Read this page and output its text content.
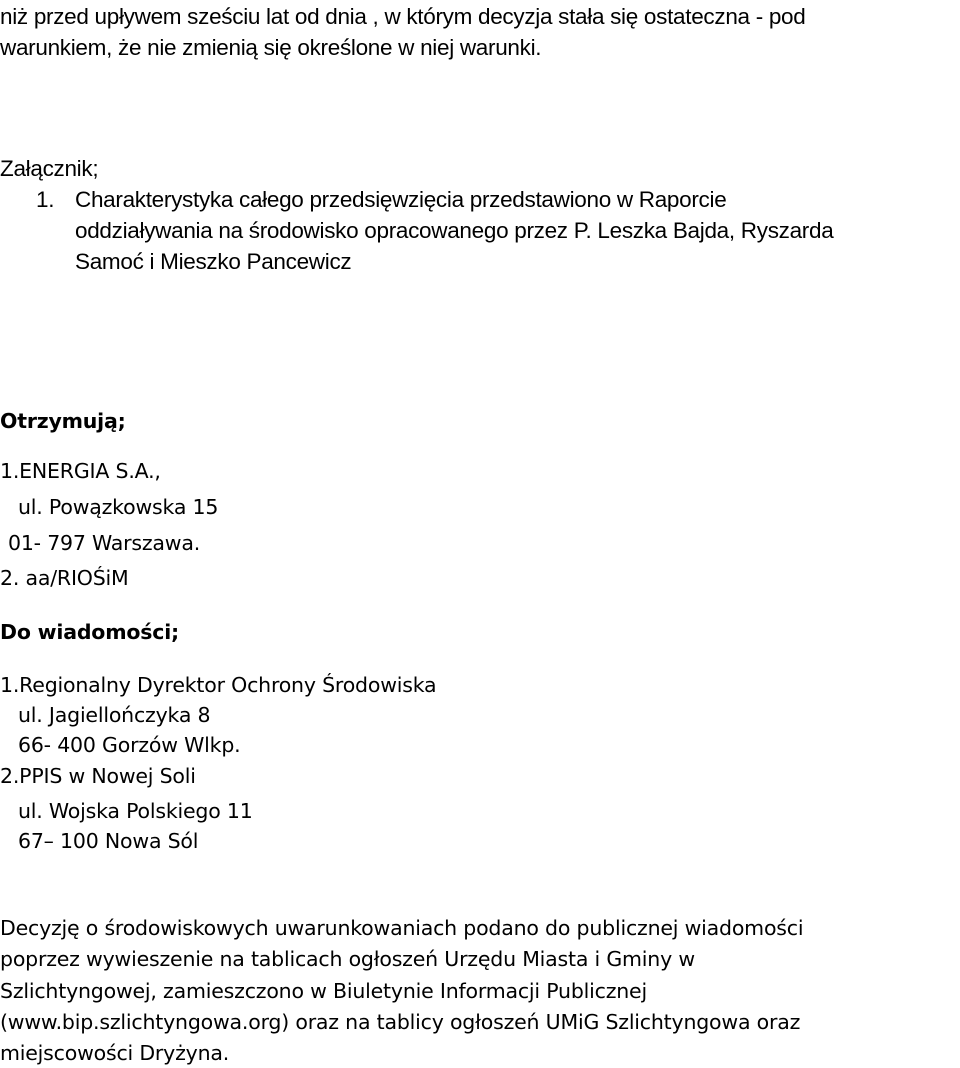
niż przed upływem sześciu lat od dnia , w którym decyzja stała się ostateczna - pod

warunkiem, że nie zmienią się określone w niej warunki.

Załącznik;

1. Charakterystyka całego przedsięwzięcia przedstawiono w Raporcie

oddziaływania na środowisko opracowanego przez P. Leszka Bajda, Ryszarda

Samoć i Mieszko Pancewicz

Otrzymują;

1.ENERGIA S.A.,

ul. Powązkowska 15

01- 797 Warszawa.

2. aa/RIOŚiM

Do wiadomości;

1.Regionalny Dyrektor Ochrony Środowiska

ul. Jagiellończyka 8

66- 400 Gorzów Wlkp.

2.PPIS w Nowej Soli

ul. Wojska Polskiego 11

67– 100 Nowa Sól

Decyzję o środowiskowych uwarunkowaniach podano do publicznej wiadomości

poprzez wywieszenie na tablicach ogłoszeń Urzędu Miasta i Gminy w

Szlichtyngowej, zamieszczono w Biuletynie Informacji Publicznej

(www.bip.szlichtyngowa.org) oraz na tablicy ogłoszeń UMiG Szlichtyngowa oraz

miejscowości Dryżyna.
